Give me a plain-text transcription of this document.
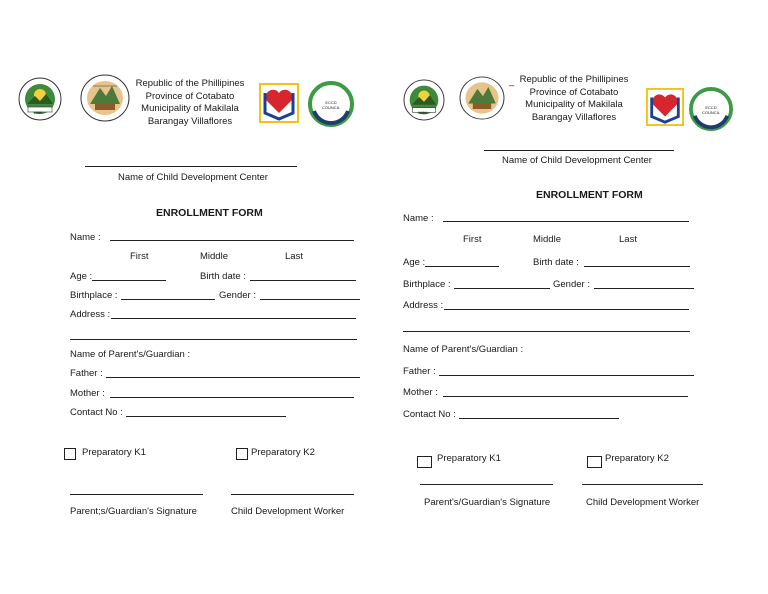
1954
Republic of the Phillipines
Province of Cotabato
Municipality of Makilala
Barangay Villaflores
ECCD COUNCIL
Name of Child Development Center
ENROLLMENT FORM
Name :
First	Middle	Last
Age :	Birth date :
Birthplace :	Gender :
Address :
Name of Parent's/Guardian :
Father :
Mother :
Contact No :
Preparatory K1	Preparatory K2
Parent;s/Guardian's Signature	Child Development Worker
1954
–
Republic of the Phillipines
Province of Cotabato
Municipality of Makilala
Barangay Villaflores
ECCD COUNCIL
Name of Child Development Center
ENROLLMENT FORM
Name :
First	Middle	Last
Age :	Birth date :
Birthplace :	Gender :
Address :
Name of Parent's/Guardian :
Father :
Mother :
Contact No :
Preparatory K1	Preparatory K2
Parent's/Guardian's Signature	Child Development Worker
